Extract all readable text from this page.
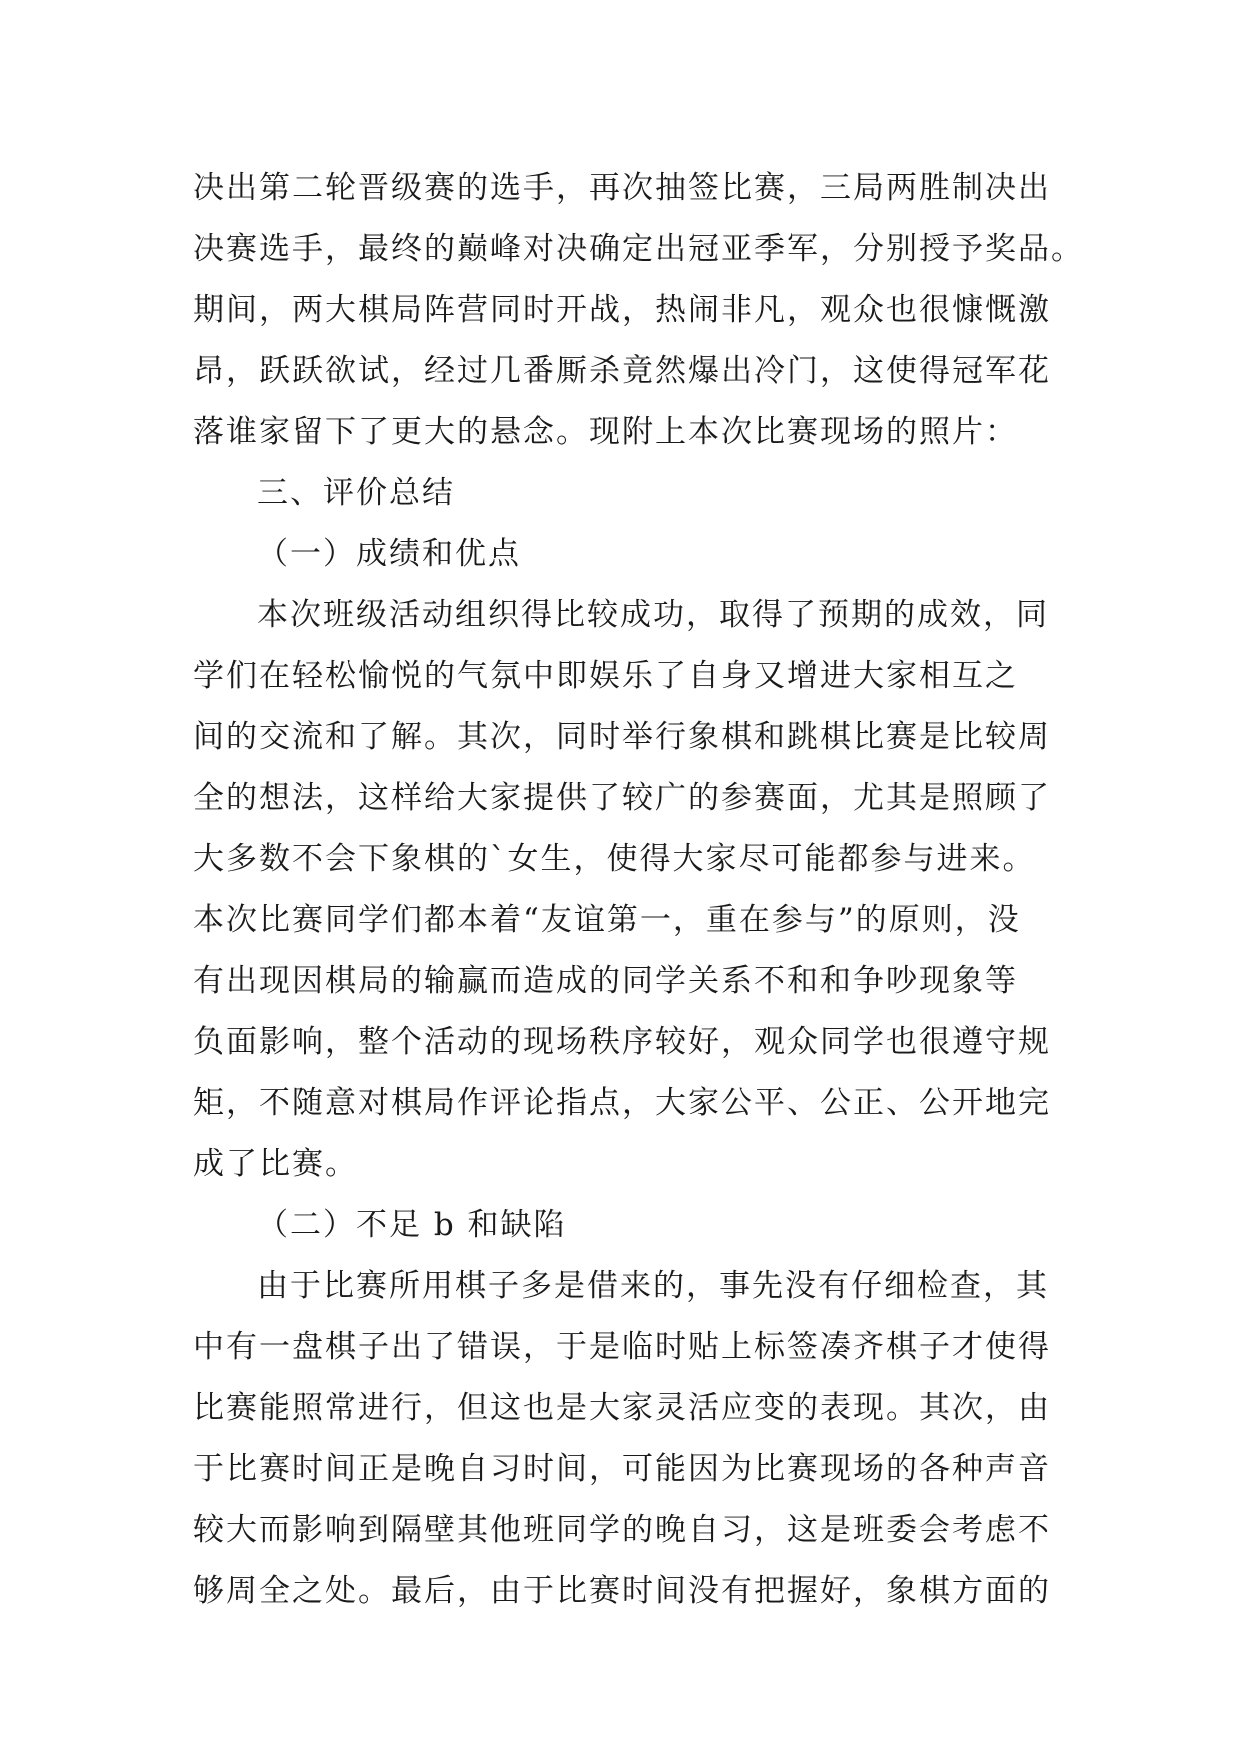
决出第二轮晋级赛的选手，再次抽签比赛，三局两胜制决出
决赛选手，最终的巅峰对决确定出冠亚季军，分别授予奖品。
期间，两大棋局阵营同时开战，热闹非凡，观众也很慷慨激
昂，跃跃欲试，经过几番厮杀竟然爆出冷门，这使得冠军花
落谁家留下了更大的悬念。现附上本次比赛现场的照片：
三、评价总结
（一）成绩和优点
本次班级活动组织得比较成功，取得了预期的成效，同
学们在轻松愉悦的气氛中即娱乐了自身又增进大家相互之
间的交流和了解。其次，同时举行象棋和跳棋比赛是比较周
全的想法，这样给大家提供了较广的参赛面，尤其是照顾了
大多数不会下象棋的`女生，使得大家尽可能都参与进来。
本次比赛同学们都本着“友谊第一，重在参与”的原则，没
有出现因棋局的输赢而造成的同学关系不和和争吵现象等
负面影响，整个活动的现场秩序较好，观众同学也很遵守规
矩，不随意对棋局作评论指点，大家公平、公正、公开地完
成了比赛。
（二）不足 b 和缺陷
由于比赛所用棋子多是借来的，事先没有仔细检查，其
中有一盘棋子出了错误，于是临时贴上标签凑齐棋子才使得
比赛能照常进行，但这也是大家灵活应变的表现。其次，由
于比赛时间正是晚自习时间，可能因为比赛现场的各种声音
较大而影响到隔壁其他班同学的晚自习，这是班委会考虑不
够周全之处。最后，由于比赛时间没有把握好，象棋方面的
